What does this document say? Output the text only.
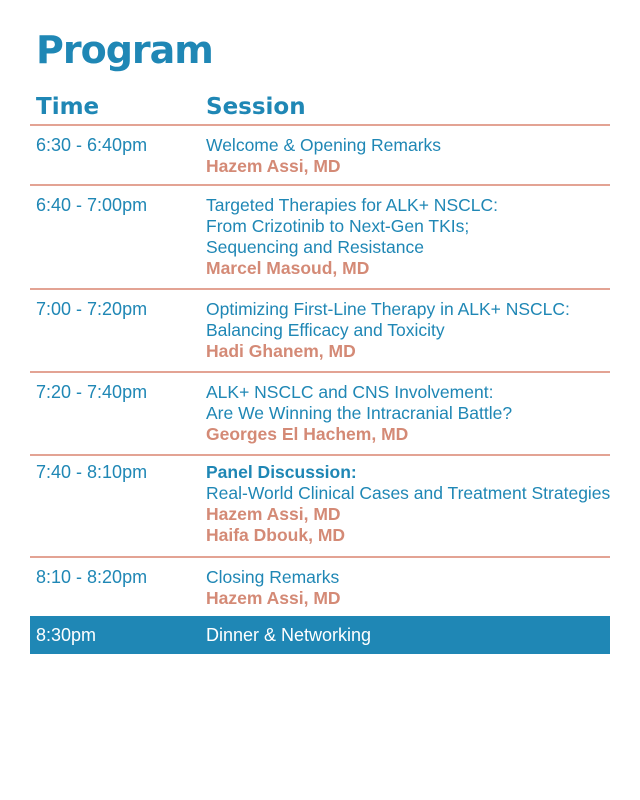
Program
Time	Session
6:30 - 6:40pm	Welcome & Opening Remarks
Hazem Assi, MD
6:40 - 7:00pm	Targeted Therapies for ALK+ NSCLC:
From Crizotinib to Next-Gen TKIs;
Sequencing and Resistance
Marcel Masoud, MD
7:00 - 7:20pm	Optimizing First-Line Therapy in ALK+ NSCLC:
Balancing Efficacy and Toxicity
Hadi Ghanem, MD
7:20 - 7:40pm	ALK+ NSCLC and CNS Involvement:
Are We Winning the Intracranial Battle?
Georges El Hachem, MD
7:40 - 8:10pm	Panel Discussion:
Real-World Clinical Cases and Treatment Strategies
Hazem Assi, MD
Haifa Dbouk, MD
8:10 - 8:20pm	Closing Remarks
Hazem Assi, MD
8:30pm	Dinner & Networking
